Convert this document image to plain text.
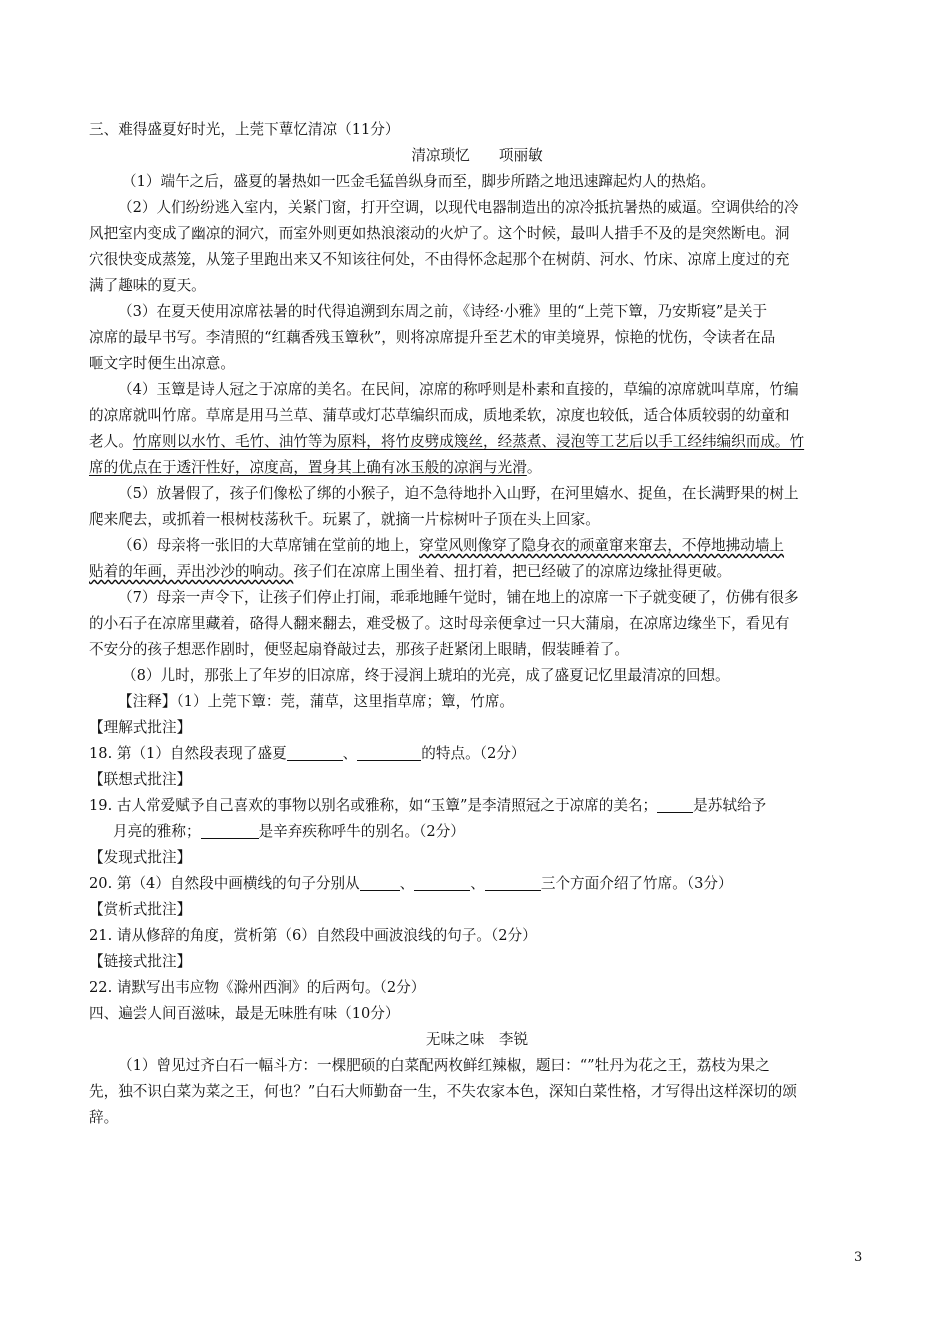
三、难得盛夏好时光，上莞下蕈忆清凉（11分）
清凉琐忆　　项丽敏
（1）端午之后，盛夏的暑热如一匹金毛猛兽纵身而至，脚步所踏之地迅速蹿起灼人的热焰。
（2）人们纷纷逃入室内，关紧门窗，打开空调，以现代电器制造出的凉冷抵抗暑热的威逼。空调供给的冷
风把室内变成了幽凉的洞穴，而室外则更如热浪滚动的火炉了。这个时候，最叫人措手不及的是突然断电。洞
穴很快变成蒸笼，从笼子里跑出来又不知该往何处，不由得怀念起那个在树荫、河水、竹床、凉席上度过的充
满了趣味的夏天。
（3）在夏天使用凉席祛暑的时代得追溯到东周之前，《诗经·小雅》里的“上莞下簟，乃安斯寝”是关于
凉席的最早书写。李清照的“红藕香残玉簟秋”，则将凉席提升至艺术的审美境界，惊艳的忧伤，令读者在品
咂文字时便生出凉意。
（4）玉簟是诗人冠之于凉席的美名。在民间，凉席的称呼则是朴素和直接的，草编的凉席就叫草席，竹编
的凉席就叫竹席。草席是用马兰草、蒲草或灯芯草编织而成，质地柔软，凉度也较低，适合体质较弱的幼童和
老人。竹席则以水竹、毛竹、油竹等为原料，将竹皮劈成篾丝，经蒸煮、浸泡等工艺后以手工经纬编织而成。竹
席的优点在于透汗性好，凉度高，置身其上确有冰玉般的凉润与光滑。
（5）放暑假了，孩子们像松了绑的小猴子，迫不急待地扑入山野，在河里嬉水、捉鱼，在长满野果的树上
爬来爬去，或抓着一根树枝荡秋千。玩累了，就摘一片棕树叶子顶在头上回家。
（6）母亲将一张旧的大草席铺在堂前的地上，穿堂风则像穿了隐身衣的顽童窜来窜去，不停地拂动墙上
贴着的年画，弄出沙沙的响动。孩子们在凉席上围坐着、扭打着，把已经破了的凉席边缘扯得更破。
（7）母亲一声令下，让孩子们停止打闹，乖乖地睡午觉时，铺在地上的凉席一下子就变硬了，仿佛有很多
的小石子在凉席里藏着，硌得人翻来翻去，难受极了。这时母亲便拿过一只大蒲扇，在凉席边缘坐下，看见有
不安分的孩子想恶作剧时，便竖起扇脊敲过去，那孩子赶紧闭上眼睛，假装睡着了。
（8）儿时，那张上了年岁的旧凉席，终于浸润上琥珀的光亮，成了盛夏记忆里最清凉的回想。
【注释】（1）上莞下簟：莞，蒲草，这里指草席；簟，竹席。
【理解式批注】
18. 第（1）自然段表现了盛夏	、	的特点。（2分）
【联想式批注】
19. 古人常爱赋予自己喜欢的事物以别名或雅称，如“玉簟”是李清照冠之于凉席的美名； 是苏轼给予
月亮的雅称；	是辛弃疾称呼牛的别名。（2分）
【发现式批注】
20. 第（4）自然段中画横线的句子分别从	、	、	三个方面介绍了竹席。（3分）
【赏析式批注】
21. 请从修辞的角度，赏析第（6）自然段中画波浪线的句子。（2分）
【链接式批注】
22. 请默写出韦应物《滁州西涧》的后两句。（2分）
四、遍尝人间百滋味，最是无味胜有味（10分）
无味之味　李锐
（1）曾见过齐白石一幅斗方：一棵肥硕的白菜配两枚鲜红辣椒，题曰：“”牡丹为花之王，荔枝为果之
先，独不识白菜为菜之王，何也？”白石大师勤奋一生，不失农家本色，深知白菜性格，才写得出这样深切的颂
辞。
3
